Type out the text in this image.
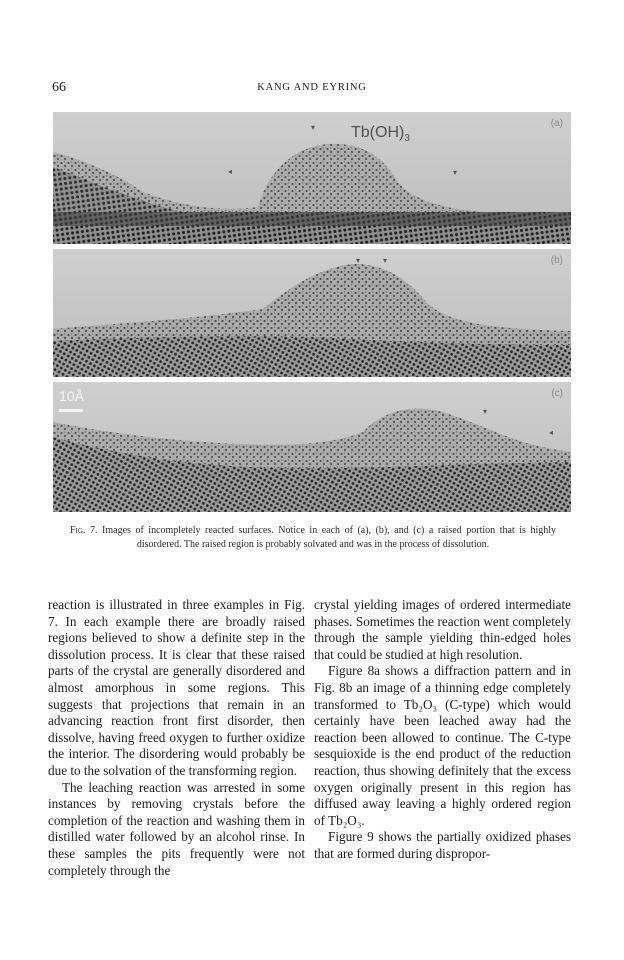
66	KANG AND EYRING
▾
◂	▾
$Tb(OH)_3$
(a)
▾	▾	(b)
▾
◂
10Å	(c)
Fig. 7. Images of incompletely reacted surfaces. Notice in each of (a), (b), and (c) a raised portion that is highly disordered. The raised region is probably solvated and was in the process of dissolution.

reaction is illustrated in three examples in Fig. 7. In each example there are broadly raised regions believed to show a definite step in the dissolution process. It is clear that these raised parts of the crystal are generally disordered and almost amorphous in some regions. This suggests that projections that remain in an advancing reaction front first disorder, then dissolve, having freed oxygen to further oxidize the interior. The disordering would probably be due to the solvation of the transforming region.

The leaching reaction was arrested in some instances by removing crystals before the completion of the reaction and washing them in distilled water followed by an alcohol rinse. In these samples the pits frequently were not completely through the

crystal yielding images of ordered intermediate phases. Sometimes the reaction went completely through the sample yielding thin-edged holes that could be studied at high resolution.

Figure 8a shows a diffraction pattern and in Fig. 8b an image of a thinning edge completely transformed to Tb₂O₃ (C-type) which would certainly have been leached away had the reaction been allowed to continue. The C-type sesquioxide is the end product of the reduction reaction, thus showing definitely that the excess oxygen originally present in this region has diffused away leaving a highly ordered region of Tb₂O₃.

Figure 9 shows the partially oxidized phases that are formed during dispropor-
